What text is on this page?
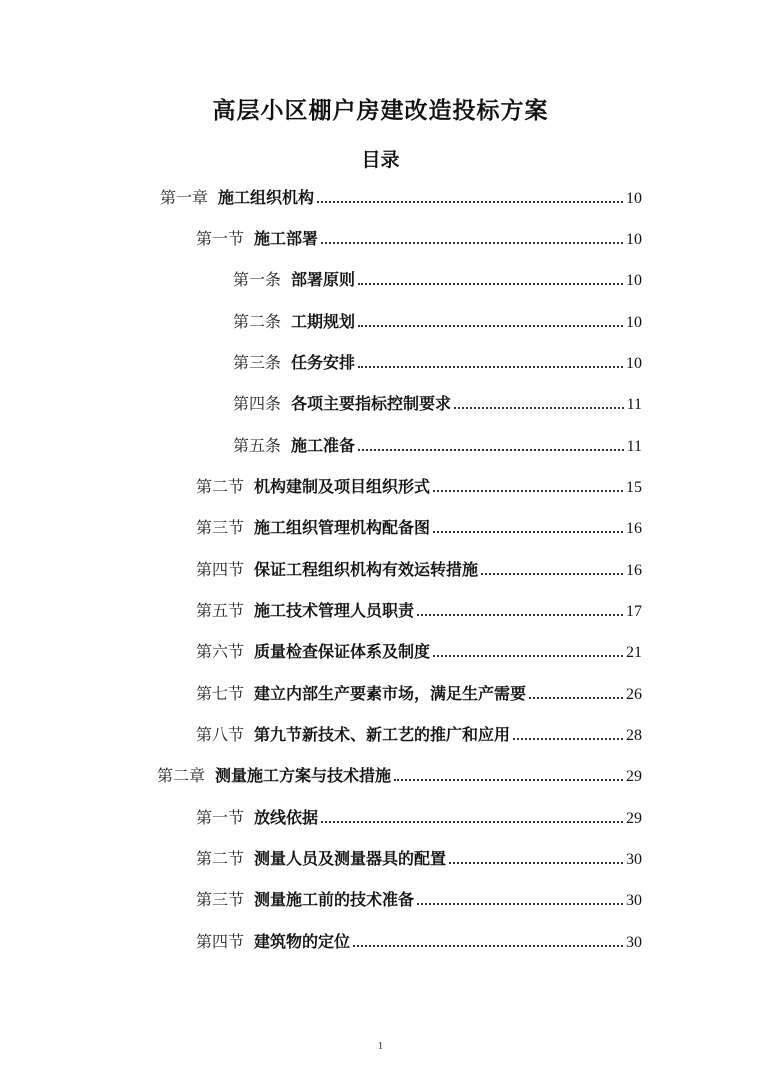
高层小区棚户房建改造投标方案
目录
第一章 施工组织机构	10
第一节 施工部署	10
第一条 部署原则	10
第二条 工期规划	10
第三条 任务安排	10
第四条 各项主要指标控制要求	11
第五条 施工准备	11
第二节 机构建制及项目组织形式	15
第三节 施工组织管理机构配备图	16
第四节 保证工程组织机构有效运转措施	16
第五节 施工技术管理人员职责	17
第六节 质量检查保证体系及制度	21
第七节 建立内部生产要素市场，满足生产需要	26
第八节 第九节新技术、新工艺的推广和应用	28
第二章 测量施工方案与技术措施	29
第一节 放线依据	29
第二节 测量人员及测量器具的配置	30
第三节 测量施工前的技术准备	30
第四节 建筑物的定位	30
1
